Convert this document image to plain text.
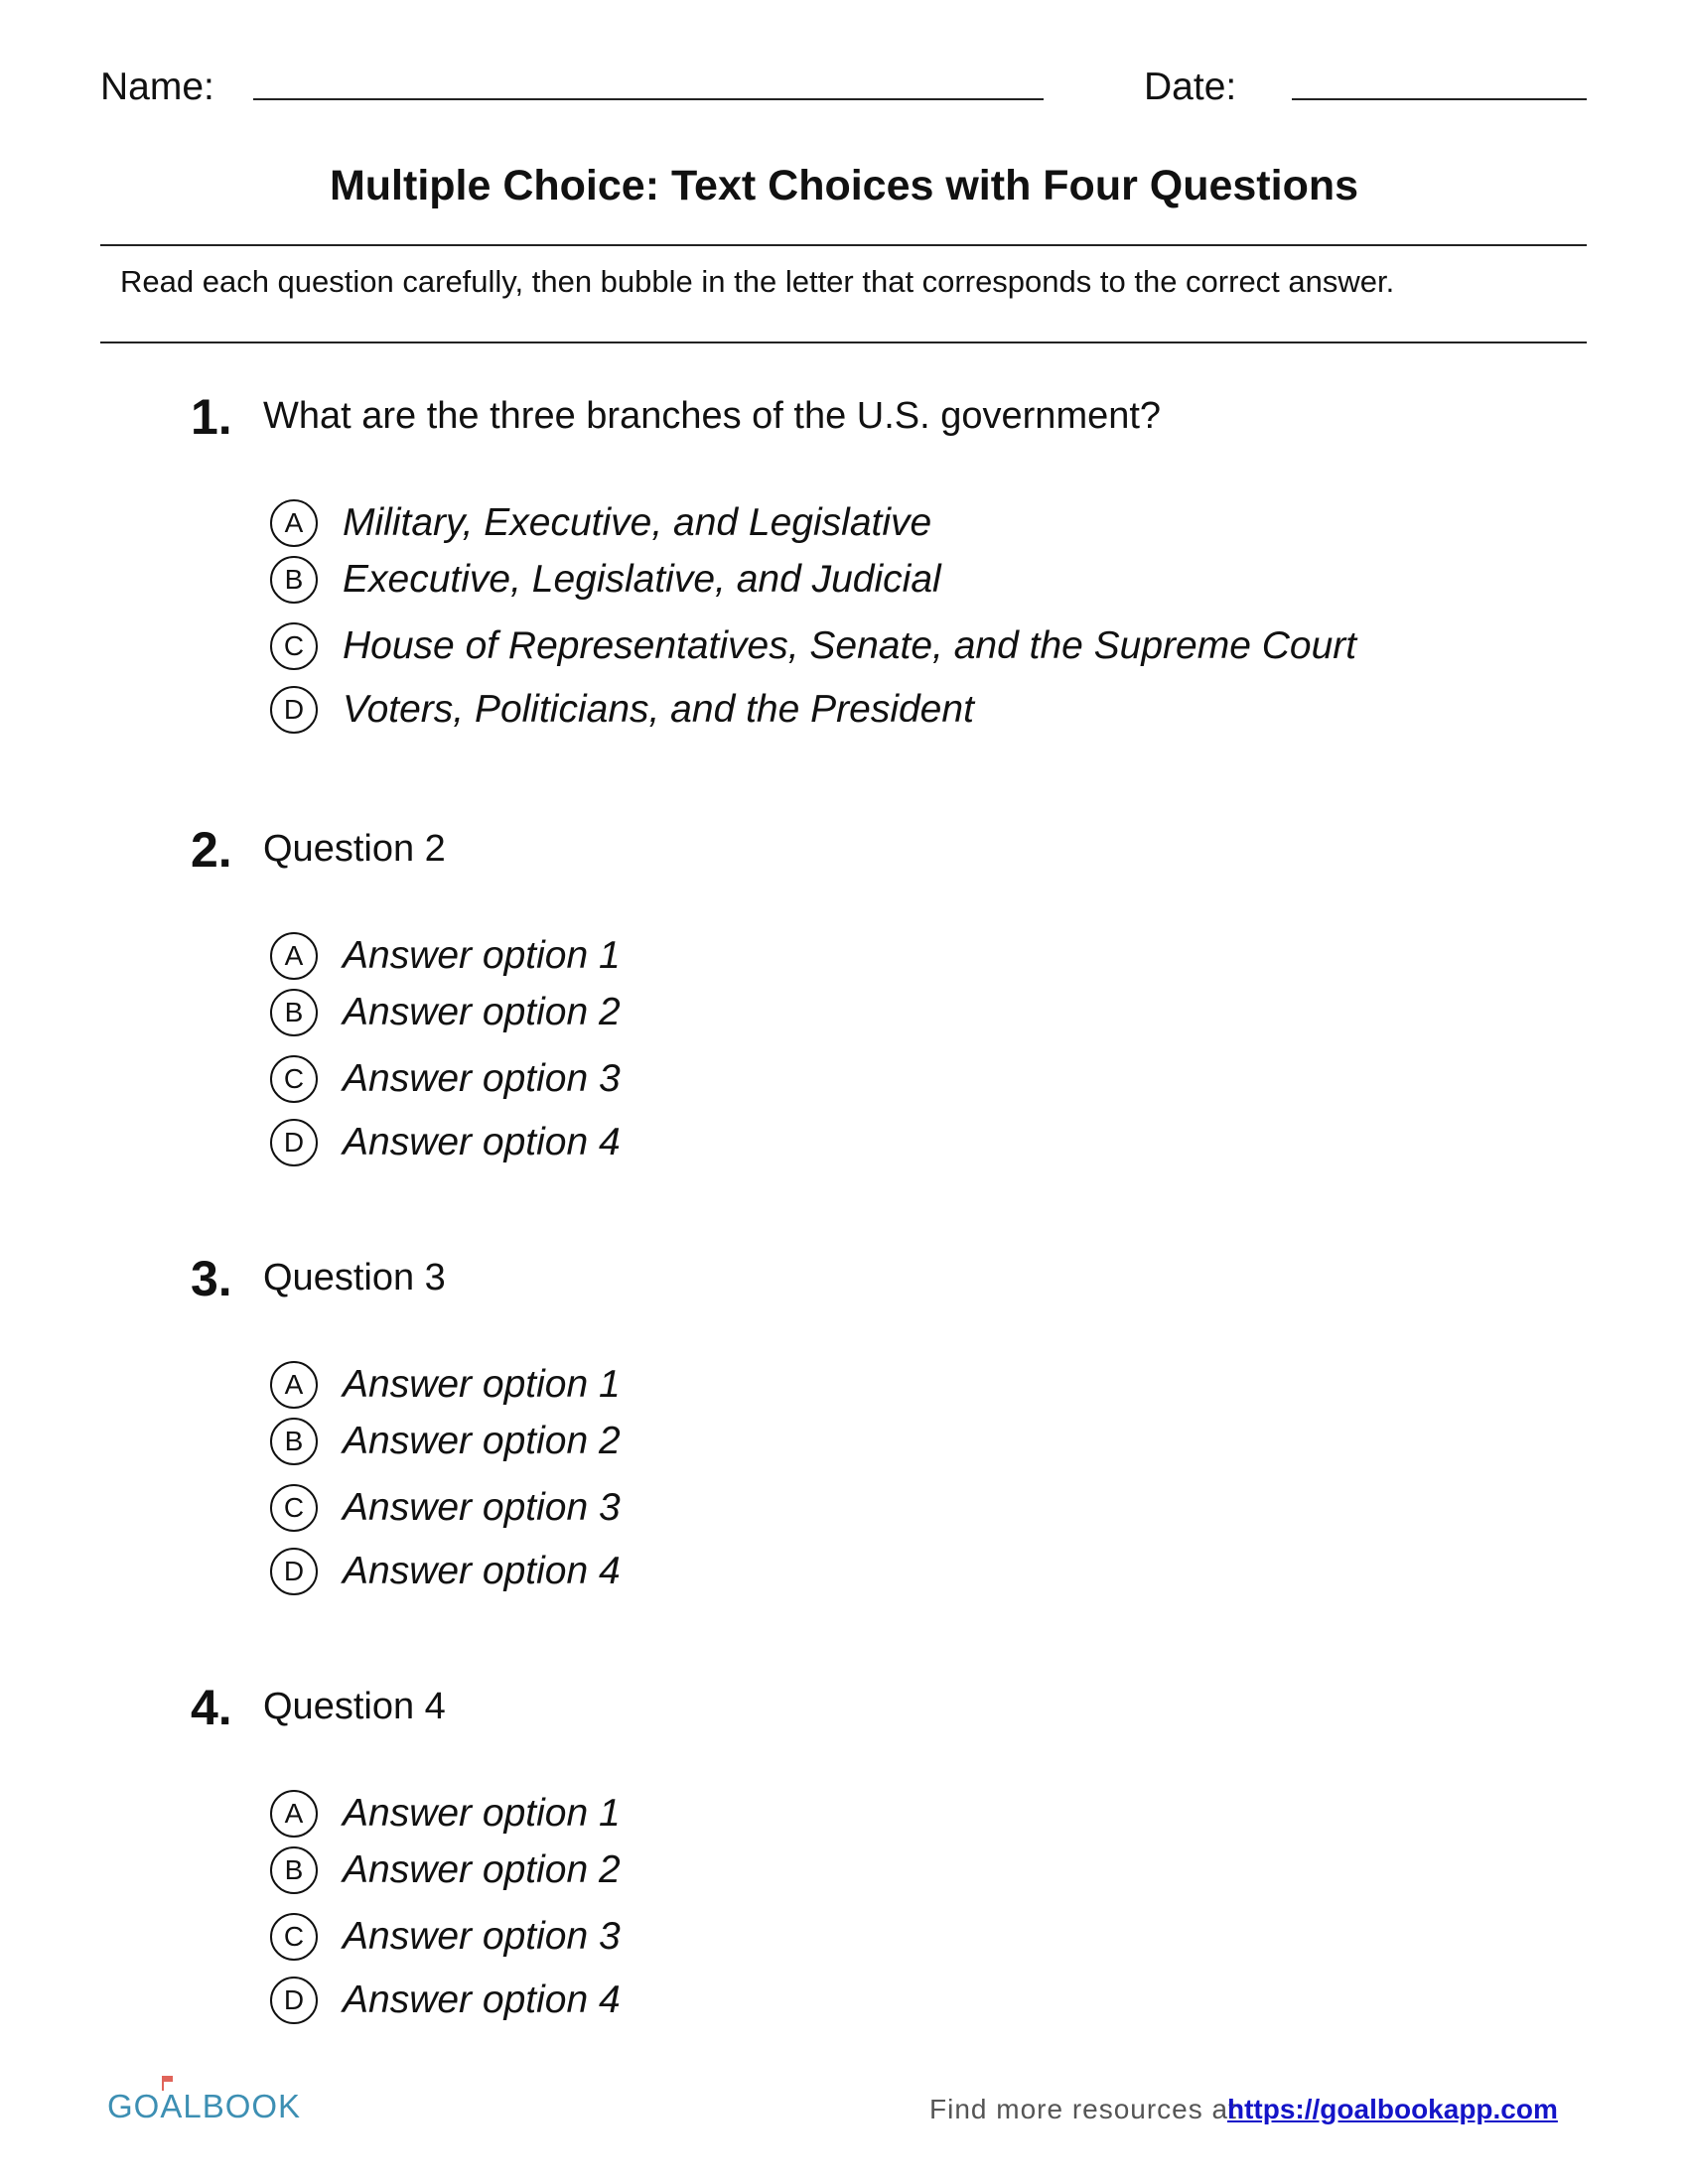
Name:	Date:
Multiple Choice: Text Choices with Four Questions
Read each question carefully, then bubble in the letter that corresponds to the correct answer.
1. What are the three branches of the U.S. government?
A	Military, Executive, and Legislative
B	Executive, Legislative, and Judicial
C House of Representatives, Senate, and the Supreme Court
D Voters, Politicians, and the President
2. Question 2
A	Answer option 1
B	Answer option 2
C Answer option 3
D Answer option 4
3. Question 3
A	Answer option 1
B	Answer option 2
C Answer option 3
D Answer option 4
4. Question 4
A	Answer option 1
B	Answer option 2
C Answer option 3
D Answer option 4
GOALBOOK	Find more resources at
https://goalbookapp.com
